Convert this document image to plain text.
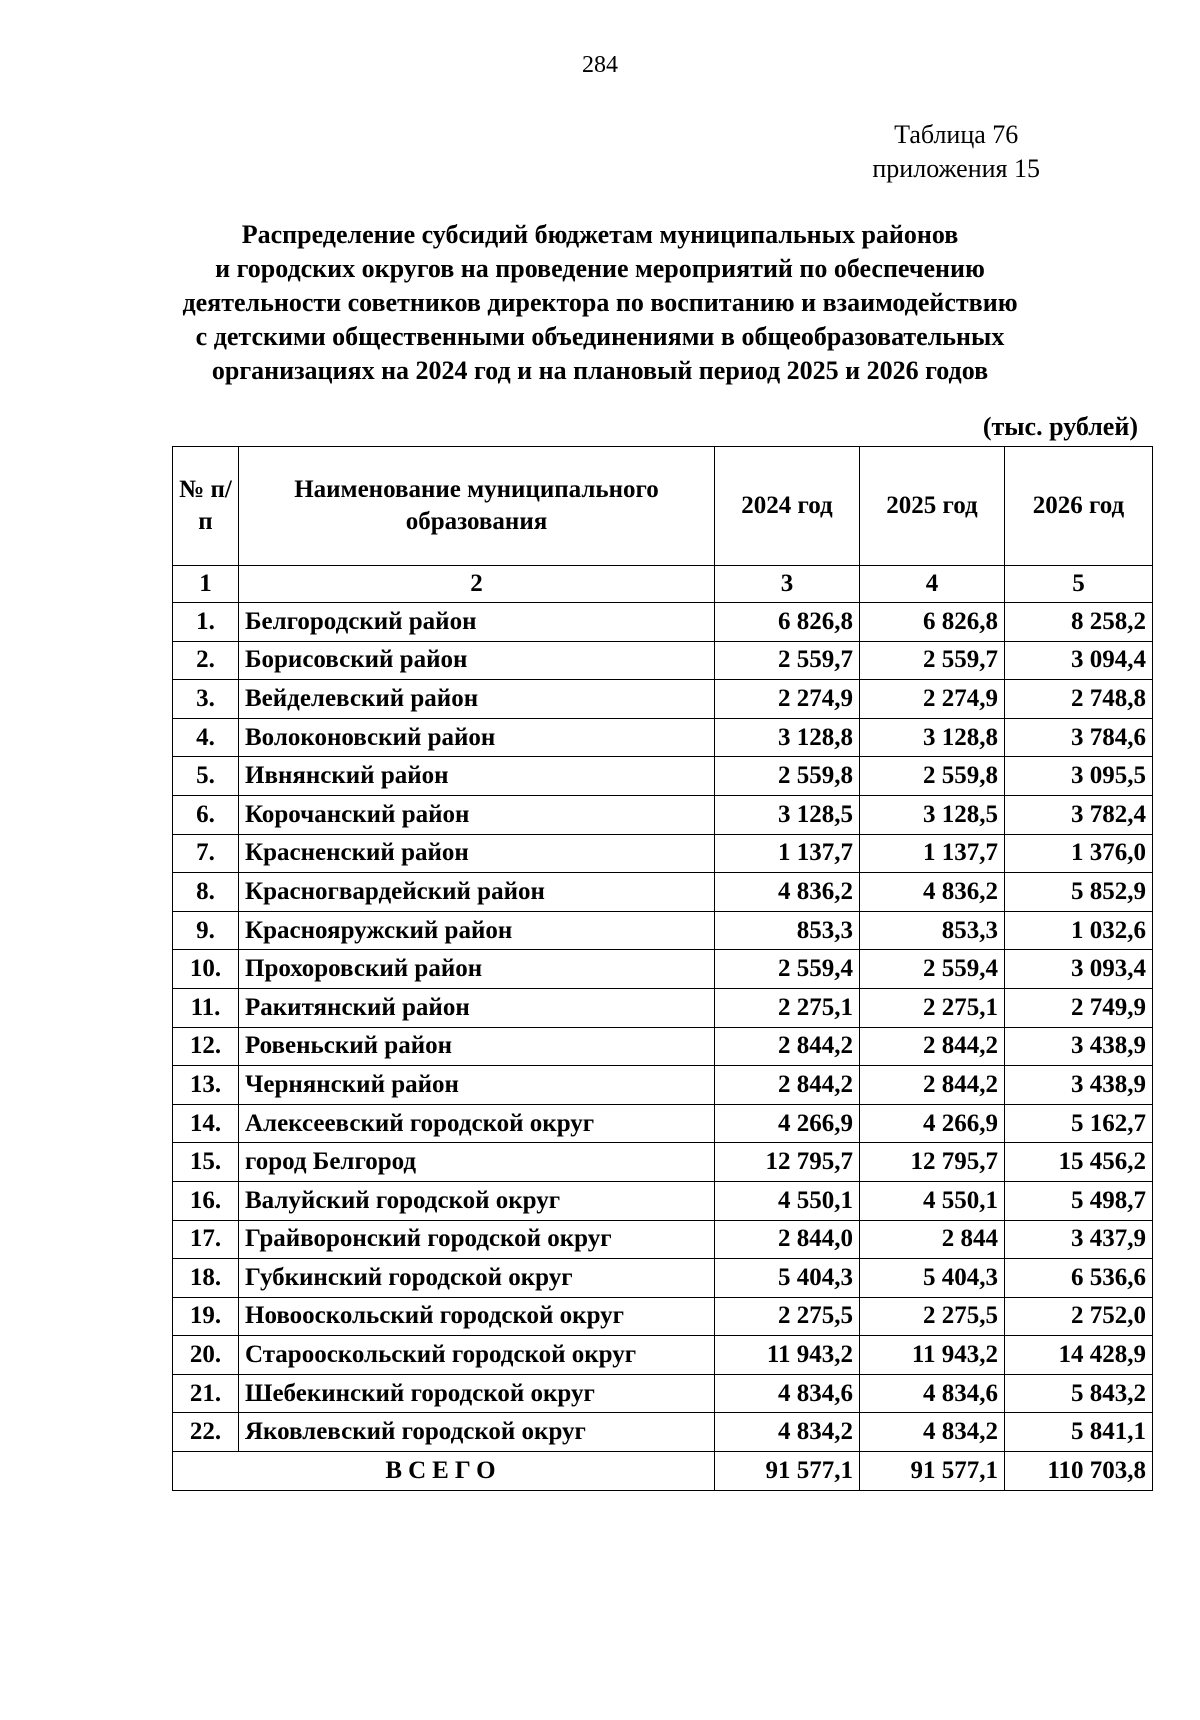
284
Таблица 76
приложения 15
Распределение субсидий бюджетам муниципальных районов
и городских округов на проведение мероприятий по обеспечению
деятельности советников директора по воспитанию и взаимодействию
с детскими общественными объединениями в общеобразовательных
организациях на 2024 год и на плановый период 2025 и 2026 годов
(тыс. рублей)
№ п/п	Наименование муниципального образования	2024 год	2025 год	2026 год
1	2	3	4	5
1.	Белгородский район	6 826,8	6 826,8	8 258,2
2.	Борисовский район	2 559,7	2 559,7	3 094,4
3.	Вейделевский район	2 274,9	2 274,9	2 748,8
4.	Волоконовский район	3 128,8	3 128,8	3 784,6
5.	Ивнянский район	2 559,8	2 559,8	3 095,5
6.	Корочанский район	3 128,5	3 128,5	3 782,4
7.	Красненский район	1 137,7	1 137,7	1 376,0
8.	Красногвардейский район	4 836,2	4 836,2	5 852,9
9.	Краснояружский район	853,3	853,3	1 032,6
10.	Прохоровский район	2 559,4	2 559,4	3 093,4
11.	Ракитянский район	2 275,1	2 275,1	2 749,9
12.	Ровеньский район	2 844,2	2 844,2	3 438,9
13.	Чернянский район	2 844,2	2 844,2	3 438,9
14.	Алексеевский городской округ	4 266,9	4 266,9	5 162,7
15.	город Белгород	12 795,7	12 795,7	15 456,2
16.	Валуйский городской округ	4 550,1	4 550,1	5 498,7
17.	Грайворонский городской округ	2 844,0	2 844	3 437,9
18.	Губкинский городской округ	5 404,3	5 404,3	6 536,6
19.	Новооскольский городской округ	2 275,5	2 275,5	2 752,0
20.	Старооскольский городской округ	11 943,2	11 943,2	14 428,9
21.	Шебекинский городской округ	4 834,6	4 834,6	5 843,2
22.	Яковлевский городской округ	4 834,2	4 834,2	5 841,1
ВСЕГО		91 577,1	91 577,1	110 703,8
